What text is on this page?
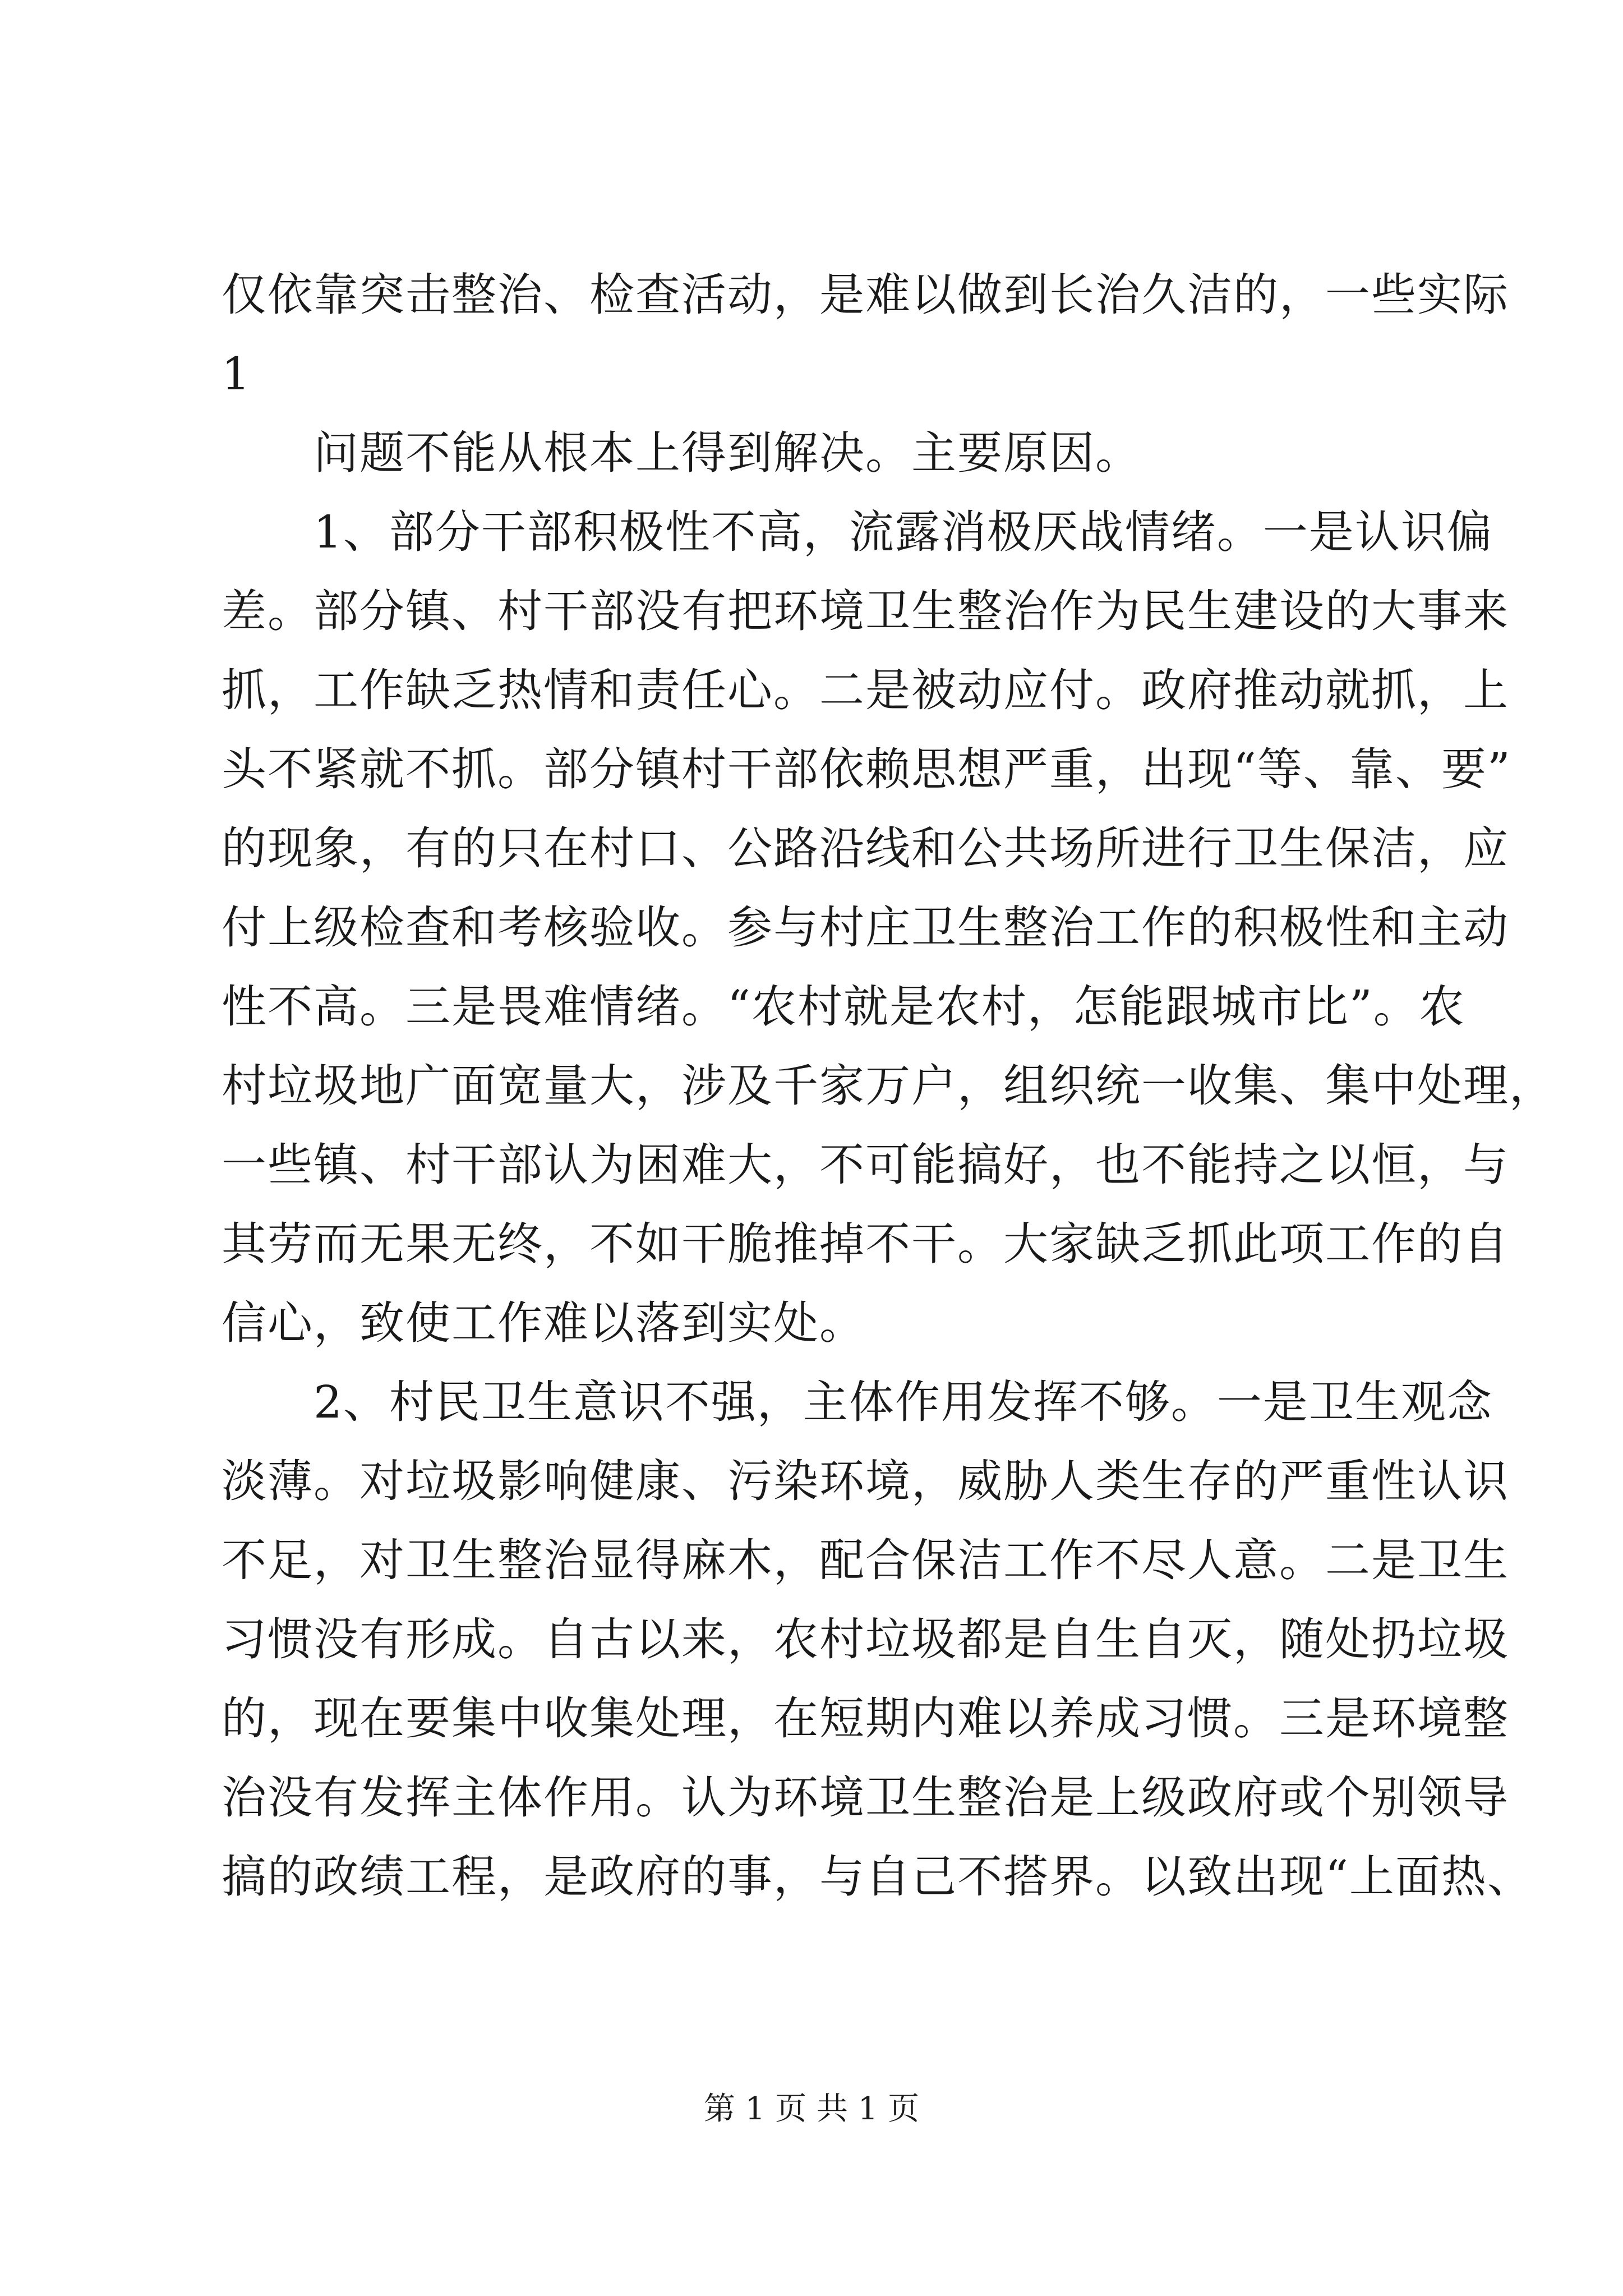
仅依靠突击整治、检查活动，是难以做到长治久洁的，一些实际
1
　　问题不能从根本上得到解决。主要原因。
　　1、部分干部积极性不高，流露消极厌战情绪。一是认识偏
差。部分镇、村干部没有把环境卫生整治作为民生建设的大事来
抓，工作缺乏热情和责任心。二是被动应付。政府推动就抓，上
头不紧就不抓。部分镇村干部依赖思想严重，出现“等、靠、要”
的现象，有的只在村口、公路沿线和公共场所进行卫生保洁，应
付上级检查和考核验收。参与村庄卫生整治工作的积极性和主动
性不高。三是畏难情绪。“农村就是农村，怎能跟城市比”。农
村垃圾地广面宽量大，涉及千家万户，组织统一收集、集中处理，
一些镇、村干部认为困难大，不可能搞好，也不能持之以恒，与
其劳而无果无终，不如干脆推掉不干。大家缺乏抓此项工作的自
信心，致使工作难以落到实处。
　　2、村民卫生意识不强，主体作用发挥不够。一是卫生观念
淡薄。对垃圾影响健康、污染环境，威胁人类生存的严重性认识
不足，对卫生整治显得麻木，配合保洁工作不尽人意。二是卫生
习惯没有形成。自古以来，农村垃圾都是自生自灭，随处扔垃圾
的，现在要集中收集处理，在短期内难以养成习惯。三是环境整
治没有发挥主体作用。认为环境卫生整治是上级政府或个别领导
搞的政绩工程，是政府的事，与自己不搭界。以致出现“上面热、
第 1 页 共 1 页
